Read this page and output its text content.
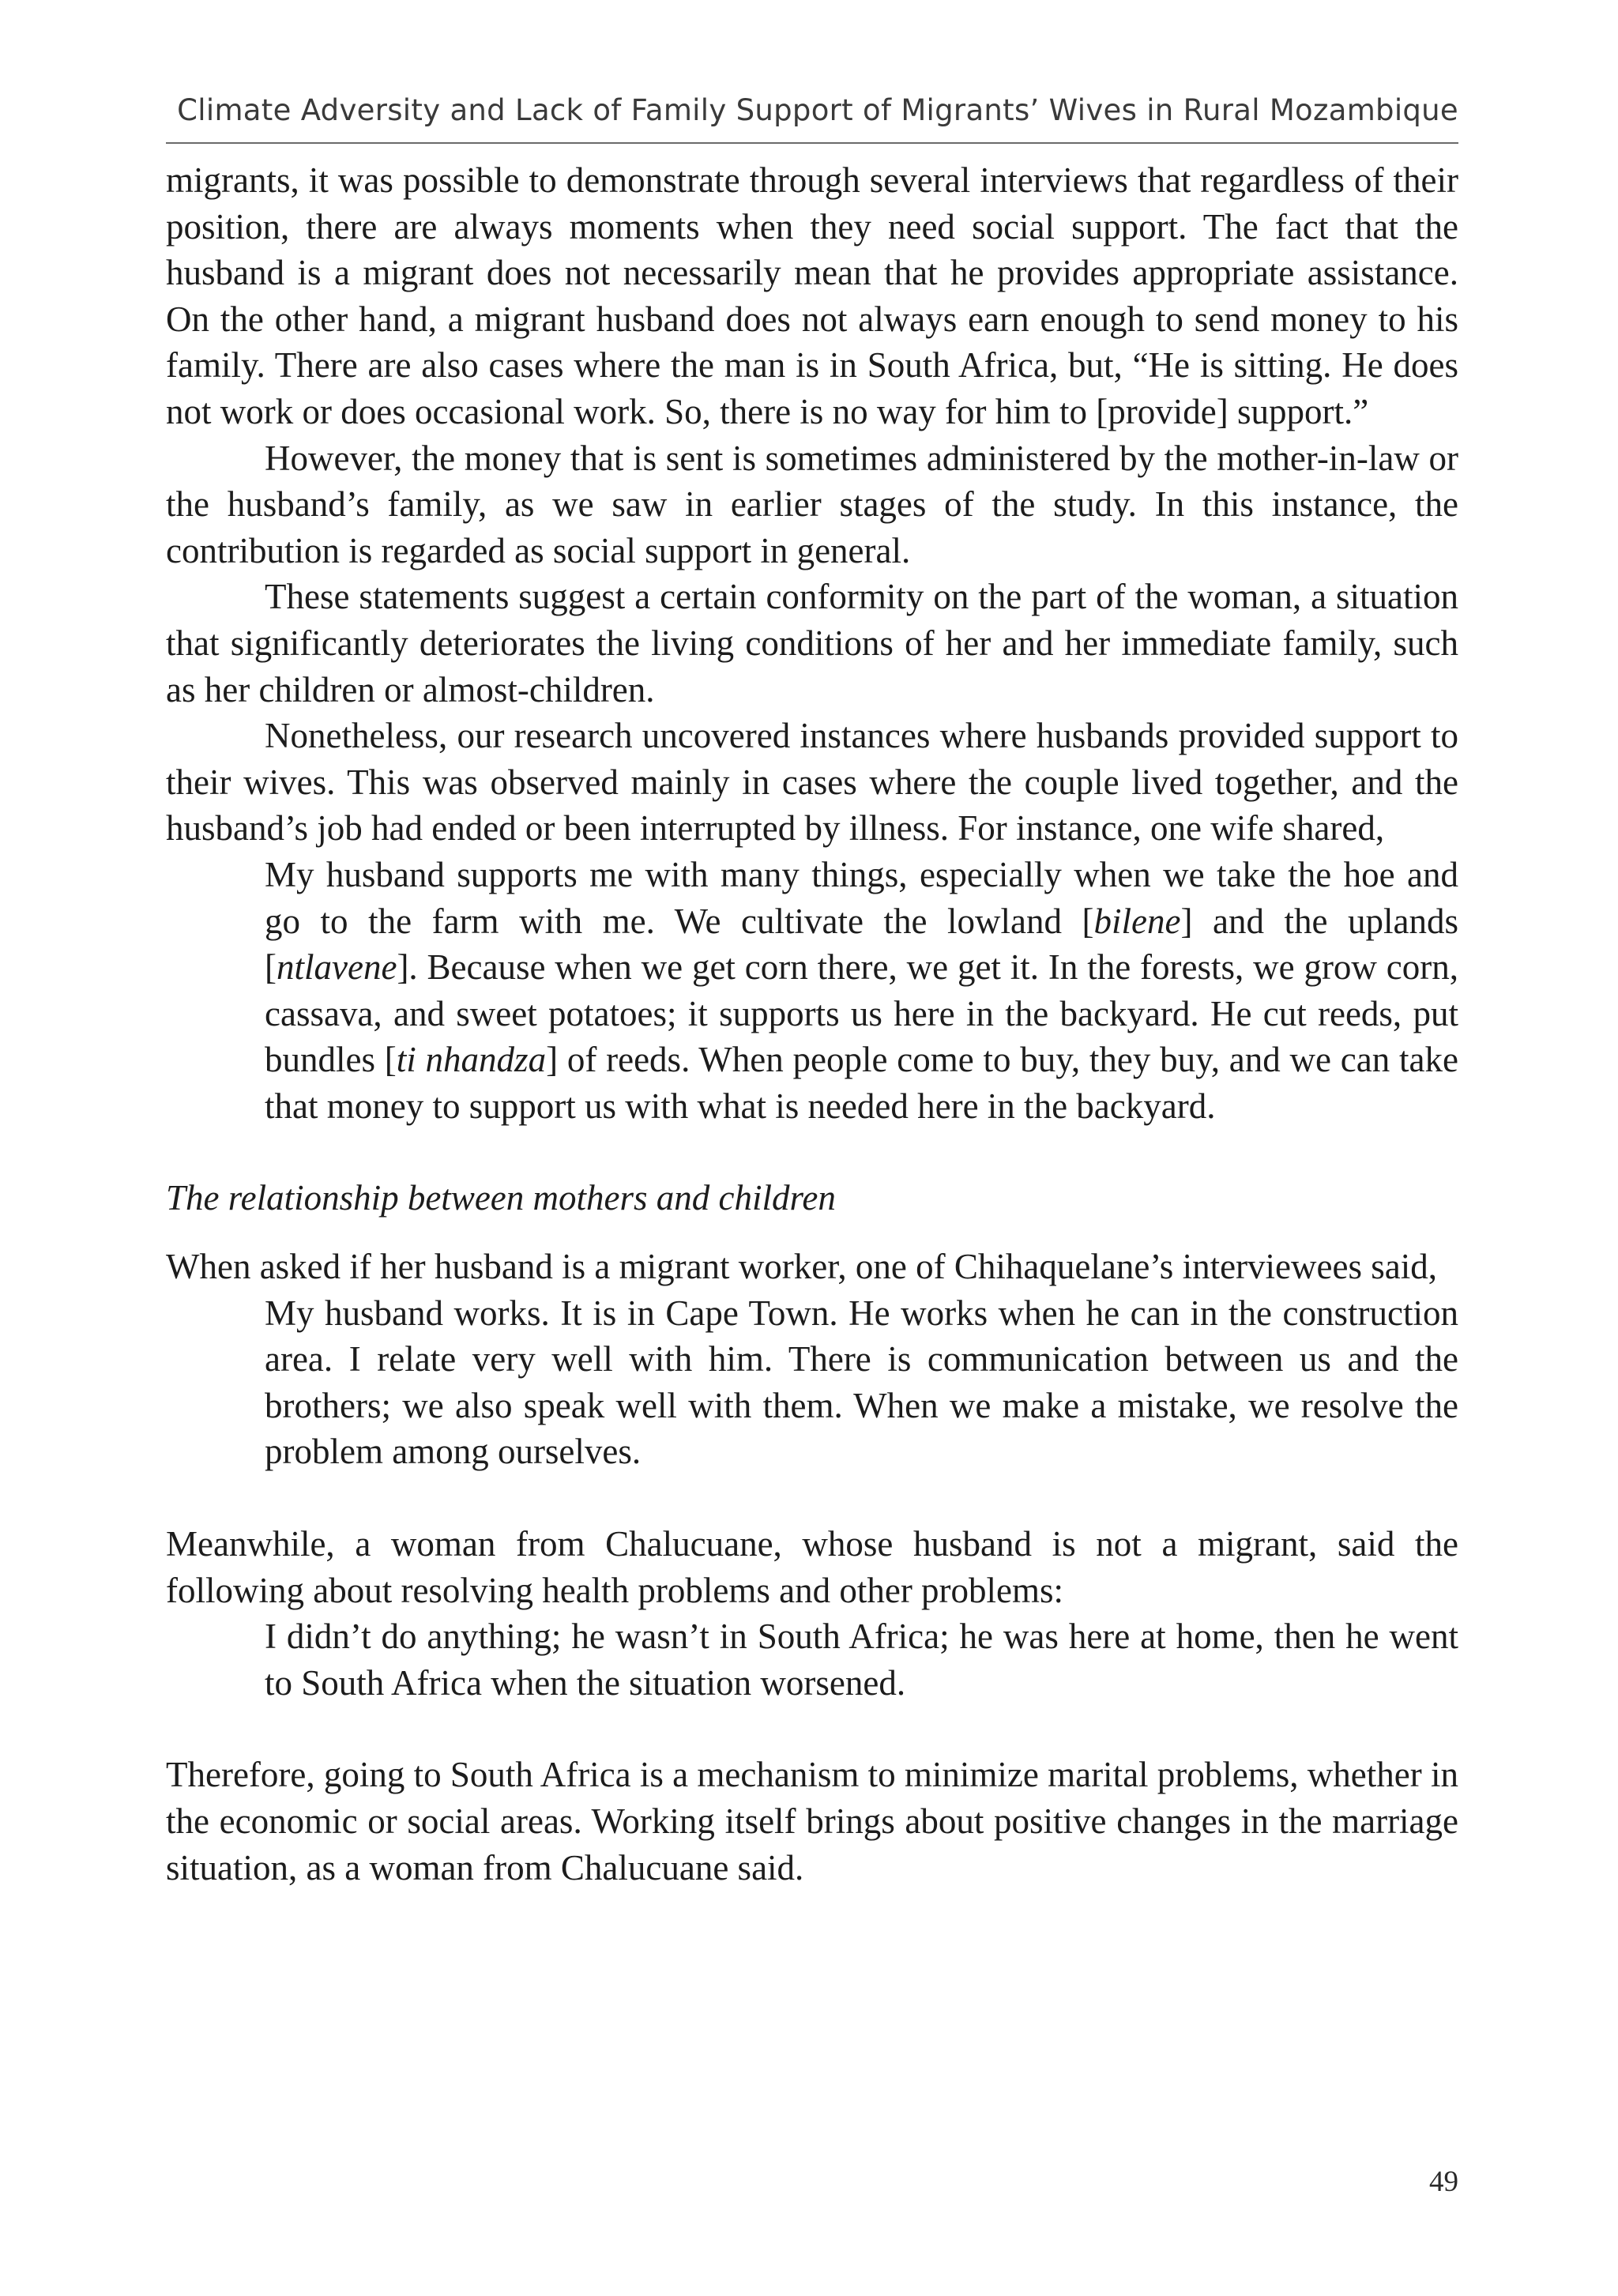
Climate Adversity and Lack of Family Support of Migrants’ Wives in Rural Mozambique

migrants, it was possible to demonstrate through several interviews that regardless of their position, there are always moments when they need social support. The fact that the husband is a migrant does not necessarily mean that he provides appropriate assistance. On the other hand, a migrant husband does not always earn enough to send money to his family. There are also cases where the man is in South Africa, but, “He is sitting. He does not work or does occasional work. So, there is no way for him to [provide] support.”

However, the money that is sent is sometimes administered by the mother-in-law or the husband’s family, as we saw in earlier stages of the study. In this instance, the contribution is regarded as social support in general.

These statements suggest a certain conformity on the part of the woman, a situation that significantly deteriorates the living conditions of her and her immediate family, such as her children or almost-children.

Nonetheless, our research uncovered instances where husbands provided support to their wives. This was observed mainly in cases where the couple lived together, and the husband’s job had ended or been interrupted by illness. For instance, one wife shared,

My husband supports me with many things, especially when we take the hoe and go to the farm with me. We cultivate the lowland [bilene] and the uplands [ntlavene]. Because when we get corn there, we get it. In the forests, we grow corn, cassava, and sweet potatoes; it supports us here in the backyard. He cut reeds, put bundles [ti nhandza] of reeds. When people come to buy, they buy, and we can take that money to support us with what is needed here in the backyard.
The relationship between mothers and children

When asked if her husband is a migrant worker, one of Chihaquelane’s interviewees said,

My husband works. It is in Cape Town. He works when he can in the construction area. I relate very well with him. There is communication between us and the brothers; we also speak well with them. When we make a mistake, we resolve the problem among ourselves.

Meanwhile, a woman from Chalucuane, whose husband is not a migrant, said the following about resolving health problems and other problems:

I didn’t do anything; he wasn’t in South Africa; he was here at home, then he went to South Africa when the situation worsened.

Therefore, going to South Africa is a mechanism to minimize marital problems, whether in the economic or social areas. Working itself brings about positive changes in the marriage situation, as a woman from Chalucuane said.

49
